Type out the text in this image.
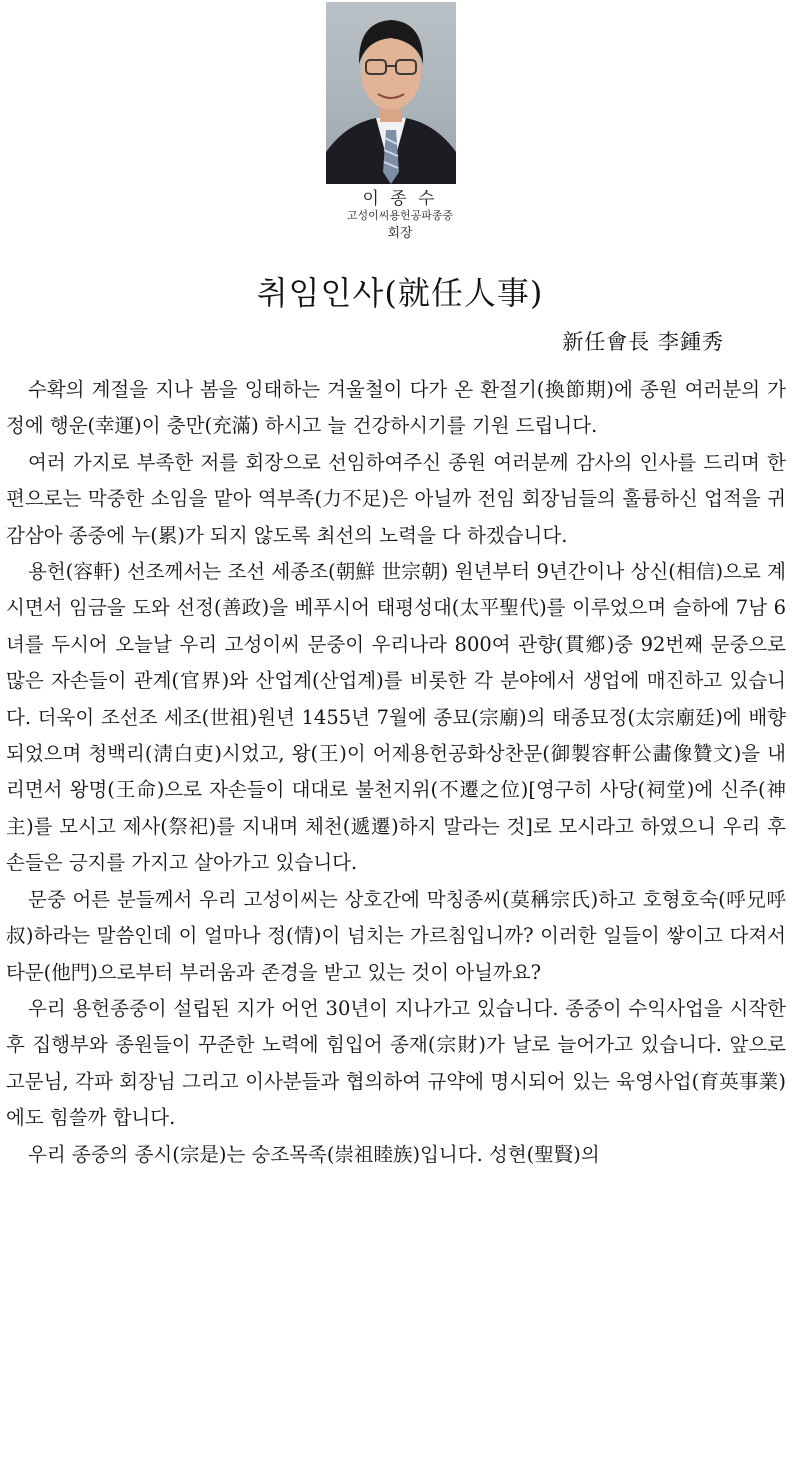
이 종 수
고성이씨용헌공파종중
회장
취임인사(就任人事)
新任會長 李鍾秀

수확의 계절을 지나 봄을 잉태하는 겨울철이 다가 온 환절기(換節期)에 종원 여러분의 가정에 행운(幸運)이 충만(充滿) 하시고 늘 건강하시기를 기원 드립니다.

여러 가지로 부족한 저를 회장으로 선임하여주신 종원 여러분께 감사의 인사를 드리며 한편으로는 막중한 소임을 맡아 역부족(力不足)은 아닐까 전임 회장님들의 훌륭하신 업적을 귀감삼아 종중에 누(累)가 되지 않도록 최선의 노력을 다 하겠습니다.

용헌(容軒) 선조께서는 조선 세종조(朝鮮 世宗朝) 원년부터 9년간이나 상신(相信)으로 계시면서 임금을 도와 선정(善政)을 베푸시어 태평성대(太平聖代)를 이루었으며 슬하에 7남 6녀를 두시어 오늘날 우리 고성이씨 문중이 우리나라 800여 관향(貫鄕)중 92번째 문중으로 많은 자손들이 관계(官界)와 산업계(산업계)를 비롯한 각 분야에서 생업에 매진하고 있습니다. 더욱이 조선조 세조(世祖)원년 1455년 7월에 종묘(宗廟)의 태종묘정(太宗廟廷)에 배향되었으며 청백리(淸白吏)시었고, 왕(王)이 어제용헌공화상찬문(御製容軒公畵像贊文)을 내리면서 왕명(王命)으로 자손들이 대대로 불천지위(不遷之位)[영구히 사당(祠堂)에 신주(神主)를 모시고 제사(祭祀)를 지내며 체천(遞遷)하지 말라는 것]로 모시라고 하였으니 우리 후손들은 긍지를 가지고 살아가고 있습니다.

문중 어른 분들께서 우리 고성이씨는 상호간에 막칭종씨(莫稱宗氏)하고 호형호숙(呼兄呼叔)하라는 말씀인데 이 얼마나 정(情)이 넘치는 가르침입니까? 이러한 일들이 쌓이고 다져서 타문(他門)으로부터 부러움과 존경을 받고 있는 것이 아닐까요?

우리 용헌종중이 설립된 지가 어언 30년이 지나가고 있습니다. 종중이 수익사업을 시작한 후 집행부와 종원들이 꾸준한 노력에 힘입어 종재(宗財)가 날로 늘어가고 있습니다. 앞으로 고문님, 각파 회장님 그리고 이사분들과 협의하여 규약에 명시되어 있는 육영사업(育英事業)에도 힘쓸까 합니다.

우리 종중의 종시(宗是)는 숭조목족(崇祖睦族)입니다. 성현(聖賢)의
